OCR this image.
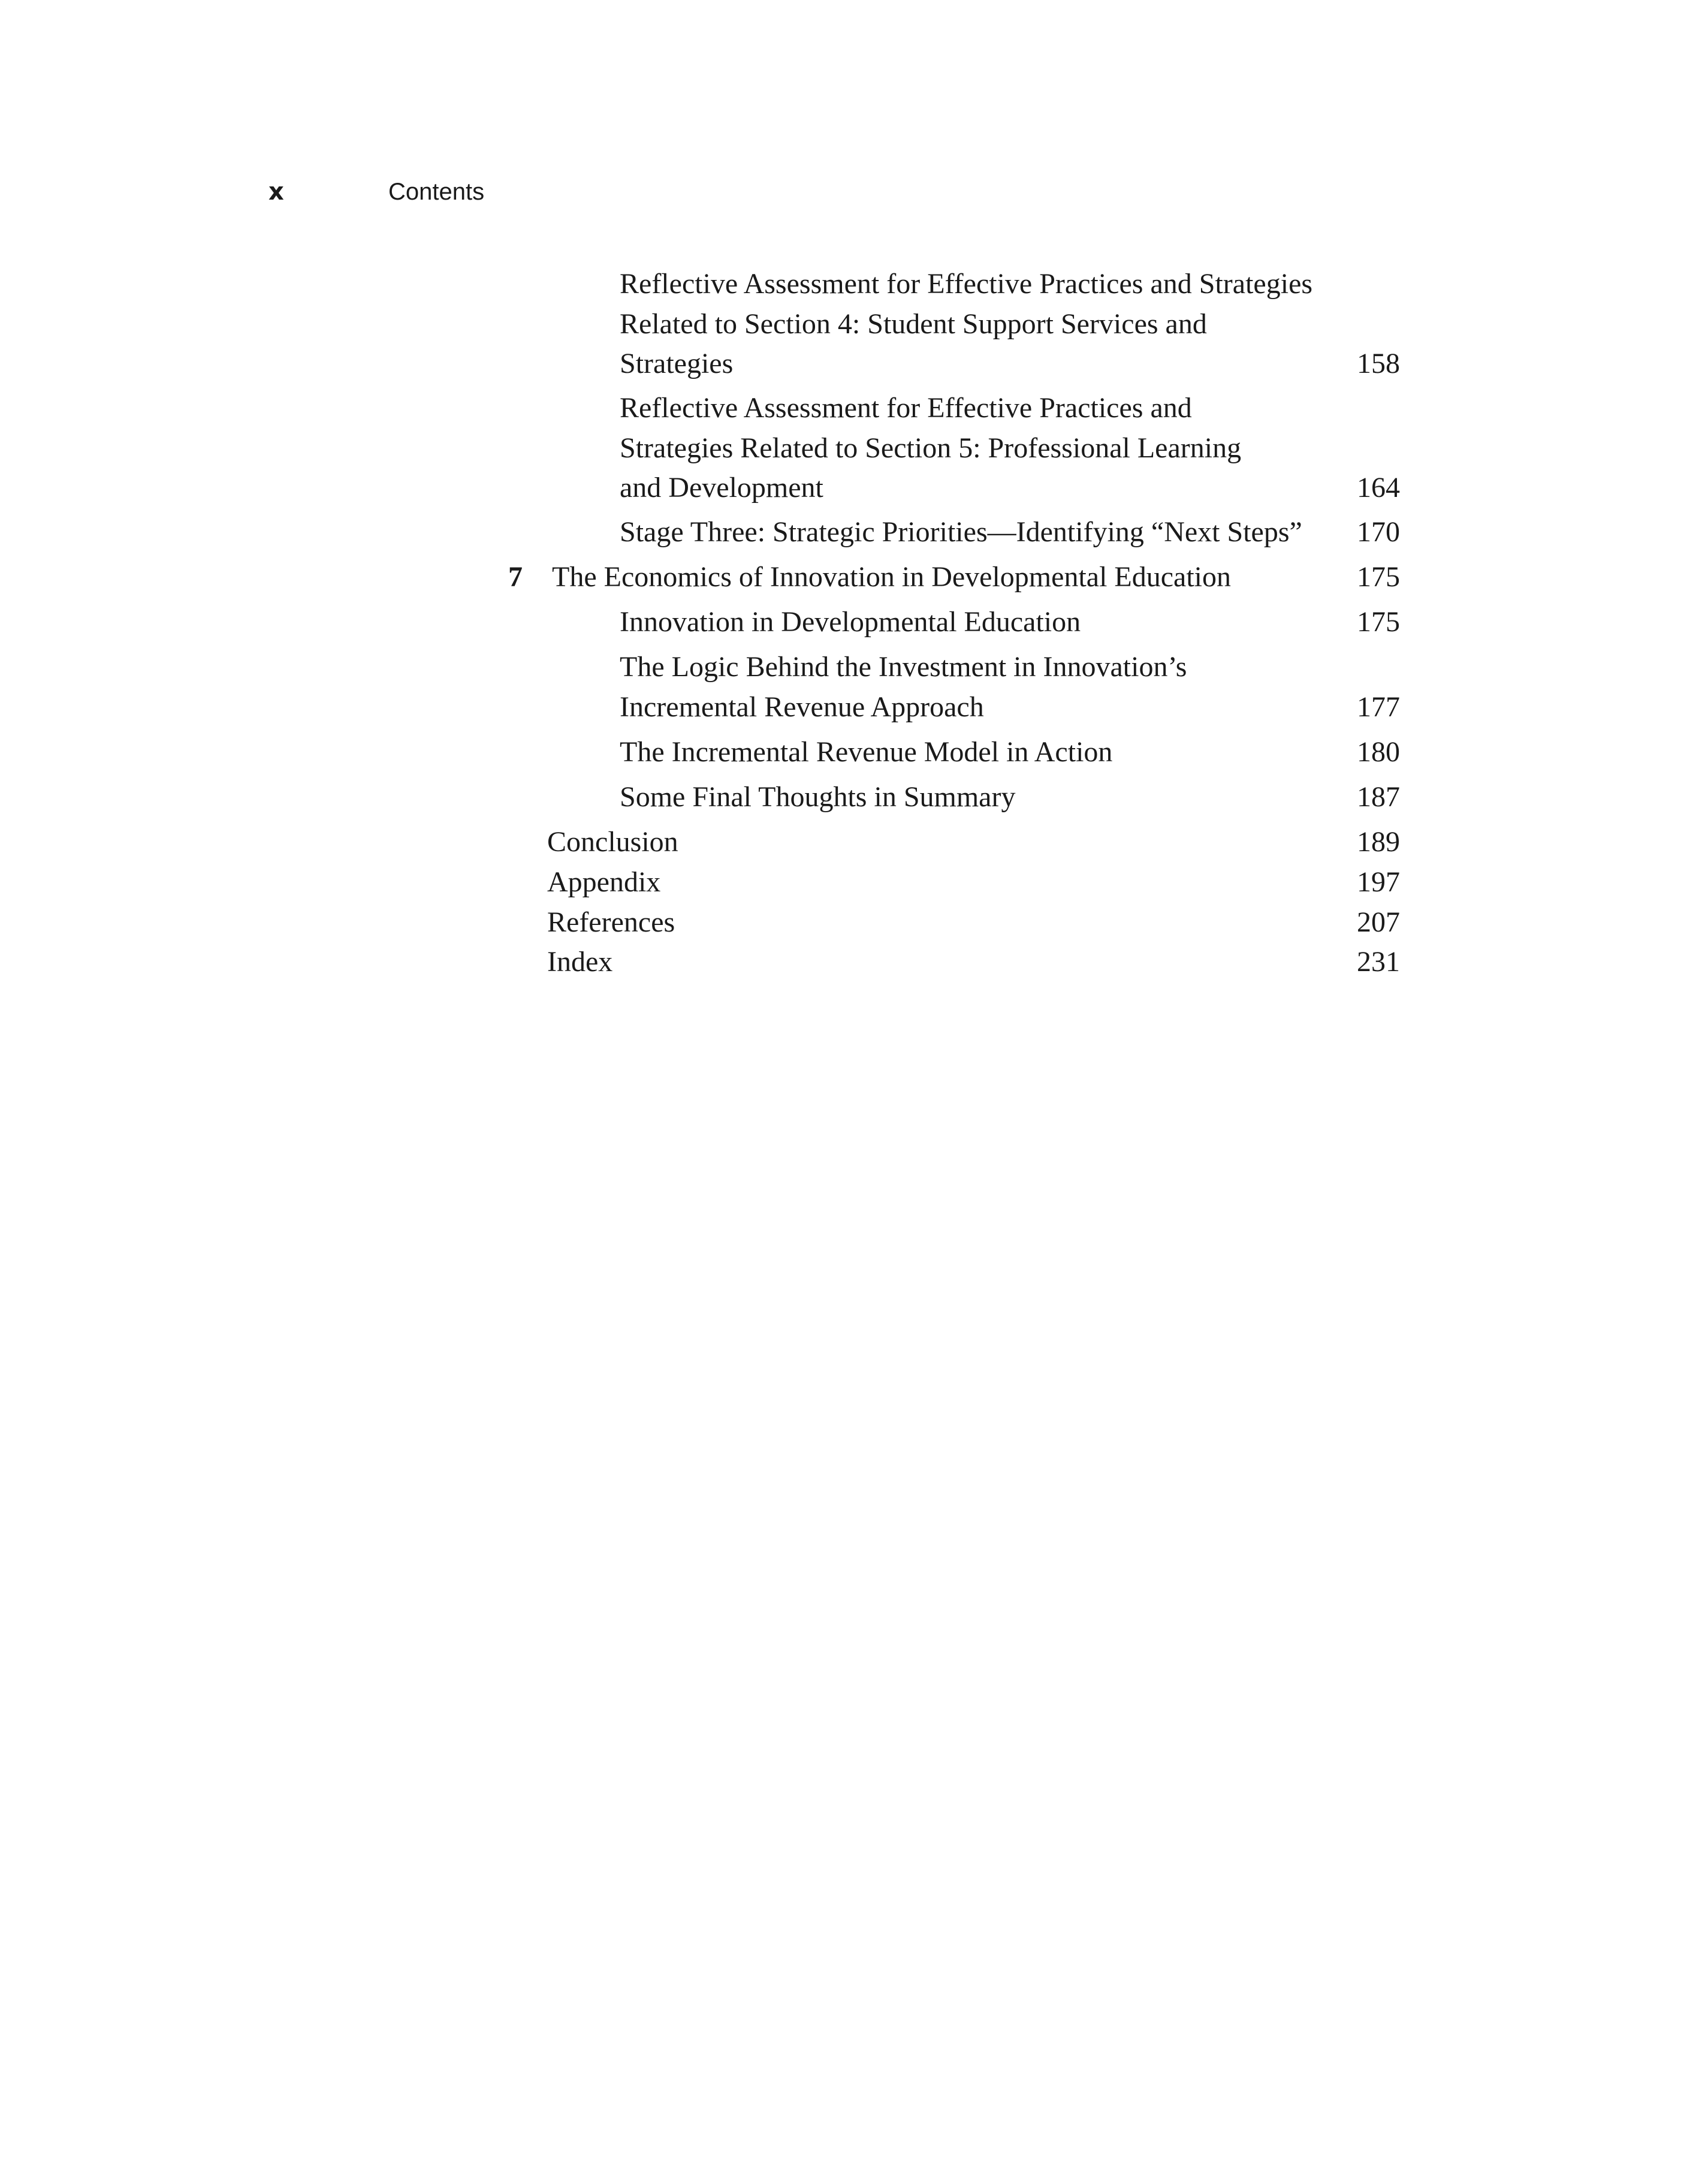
x	Contents
Reflective Assessment for Effective Practices and Strategies
Related to Section 4: Student Support Services and
Strategies	158
Reflective Assessment for Effective Practices and
Strategies Related to Section 5: Professional Learning
and Development	164
Stage Three: Strategic Priorities—Identifying “Next Steps”	170
7 The Economics of Innovation in Developmental Education	175
Innovation in Developmental Education	175
The Logic Behind the Investment in Innovation’s
Incremental Revenue Approach	177
The Incremental Revenue Model in Action	180
Some Final Thoughts in Summary	187
Conclusion	189
Appendix	197
References	207
Index	231
